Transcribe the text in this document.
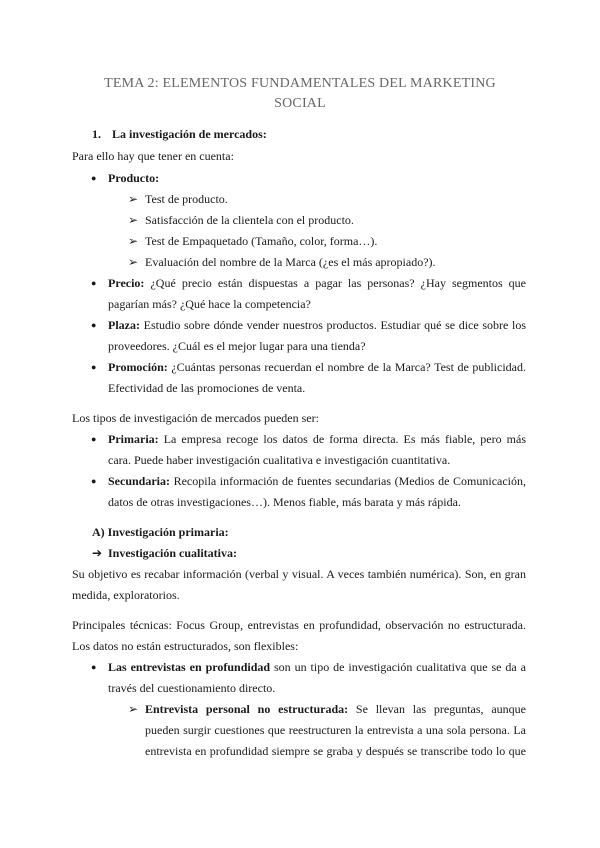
TEMA 2: ELEMENTOS FUNDAMENTALES DEL MARKETING
SOCIAL
1. La investigación de mercados:
Para ello hay que tener en cuenta:
● Producto:
➢ Test de producto.
➢ Satisfacción de la clientela con el producto.
➢ Test de Empaquetado (Tamaño, color, forma…).
➢ Evaluación del nombre de la Marca (¿es el más apropiado?).
● Precio: ¿Qué precio están dispuestas a pagar las personas? ¿Hay segmentos que
pagarían más? ¿Qué hace la competencia?
● Plaza: Estudio sobre dónde vender nuestros productos. Estudiar qué se dice sobre los
proveedores. ¿Cuál es el mejor lugar para una tienda?
● Promoción: ¿Cuántas personas recuerdan el nombre de la Marca? Test de publicidad.
Efectividad de las promociones de venta.
Los tipos de investigación de mercados pueden ser:
● Primaria: La empresa recoge los datos de forma directa. Es más fiable, pero más
cara. Puede haber investigación cualitativa e investigación cuantitativa.
● Secundaria: Recopila información de fuentes secundarias (Medios de Comunicación,
datos de otras investigaciones…). Menos fiable, más barata y más rápida.
A) Investigación primaria:
➔ Investigación cualitativa:
Su objetivo es recabar información (verbal y visual. A veces también numérica). Son, en gran
medida, exploratorios.
Principales técnicas: Focus Group, entrevistas en profundidad, observación no estructurada.
Los datos no están estructurados, son flexibles:
● Las entrevistas en profundidad son un tipo de investigación cualitativa que se da a
través del cuestionamiento directo.
➢ Entrevista personal no estructurada: Se llevan las preguntas, aunque
pueden surgir cuestiones que reestructuren la entrevista a una sola persona. La
entrevista en profundidad siempre se graba y después se transcribe todo lo que
